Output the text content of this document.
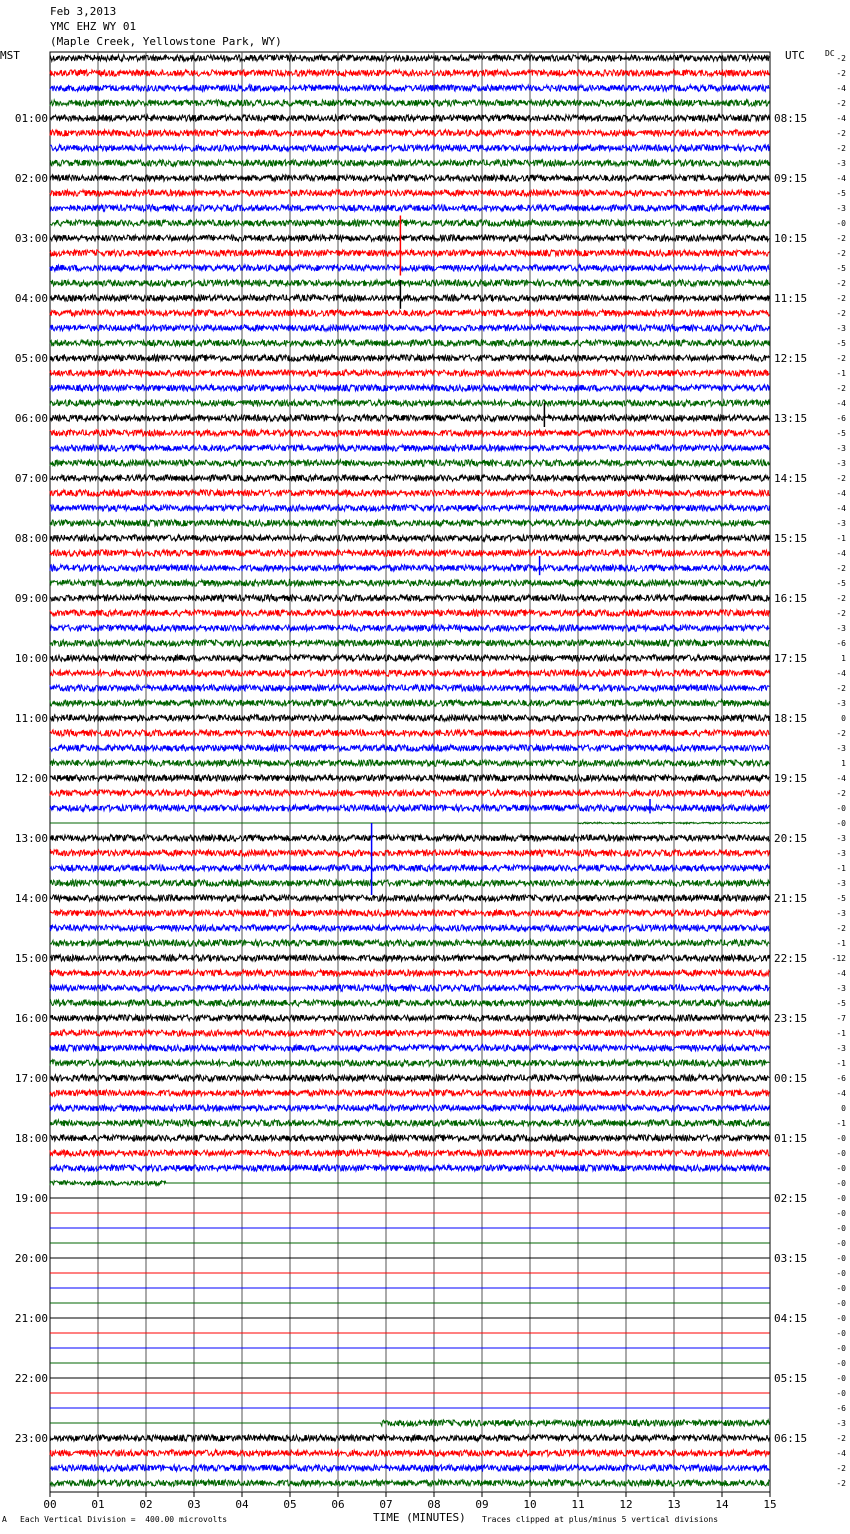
Feb 3,2013
YMC EHZ WY 01
(Maple Creek, Yellowstone Park, WY)
MST	UTC	DC
01:00
02:00
03:00
04:00
05:00
06:00
07:00
08:00
09:00
10:00
11:00
12:00
13:00
14:00
15:00
16:00
17:00
18:00
19:00
20:00
21:00
22:00
23:00
08:15
09:15
10:15
11:15
12:15
13:15
14:15
15:15
16:15
17:15
18:15
19:15
20:15
21:15
22:15
23:15
00:15
01:15
02:15
03:15
04:15
05:15
06:15
-2
-2
-4
-2
-4
-2
-2
-3
-4
-5
-3
-0
-2
-2
-5
-2
-2
-2
-3
-5
-2
-1
-2
-4
-6
-5
-3
-3
-2
-4
-4
-3
-1
-4
-2
-5
-2
-2
-3
-6
1
-4
-2
-3
0
-2
-3
1
-4
-2
-0
-0
-3
-3
-1
-3
-5
-3
-2
-1
-12
-4
-3
-5
-7
-1
-3
-1
-6
-4
0
-1
-0
-0
-0
-0
-0
-0
-0
-0
-0
-0
-0
-0
-0
-0
-0
-0
-0
-0
-6
-3
-2
-4
-2
-2
00	01	02	03	04	05	06	07	08	09	10	11	12	13	14	15
TIME (MINUTES)
A Each Vertical Division =  400.00 microvolts	Traces clipped at plus/minus 5 vertical divisions
